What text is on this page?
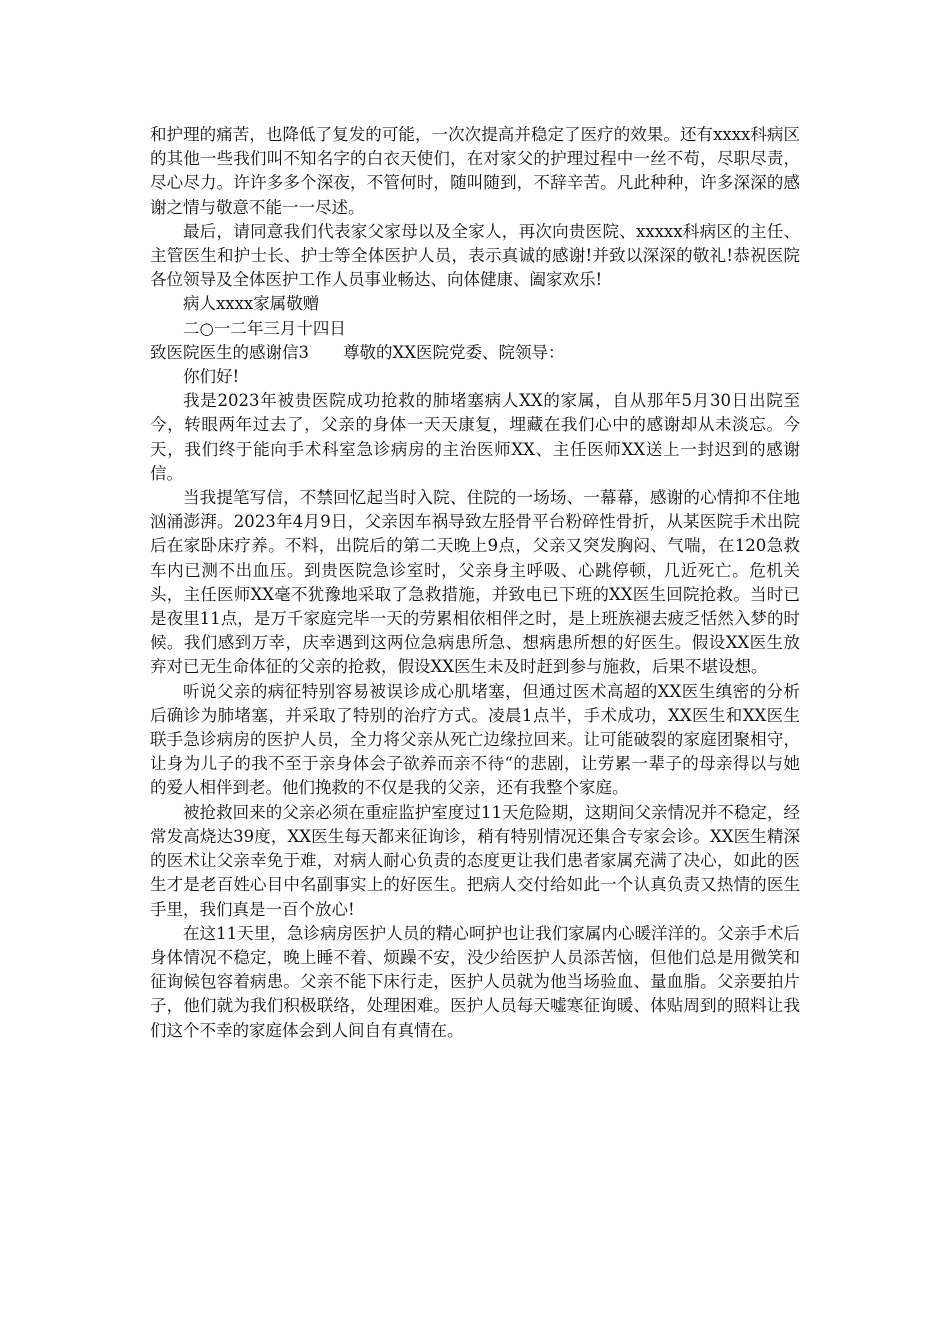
和护理的痛苦，也降低了复发的可能，一次次提高并稳定了医疗的效果。还有xxxx科病区的其他一些我们叫不知名字的白衣天使们，在对家父的护理过程中一丝不苟，尽职尽责，尽心尽力。许许多多个深夜，不管何时，随叫随到，不辞辛苦。凡此种种，许多深深的感谢之情与敬意不能一一尽述。

最后，请同意我们代表家父家母以及全家人，再次向贵医院、xxxxx科病区的主任、主管医生和护士长、护士等全体医护人员，表示真诚的感谢!并致以深深的敬礼!恭祝医院各位领导及全体医护工作人员事业畅达、向体健康、阖家欢乐!

病人xxxx家属敬赠

二○一二年三月十四日

致医院医生的感谢信3 尊敬的XX医院党委、院领导：

你们好!

我是2023年被贵医院成功抢救的肺堵塞病人XX的家属，自从那年5月30日出院至今，转眼两年过去了，父亲的身体一天天康复，埋藏在我们心中的感谢却从未淡忘。今天，我们终于能向手术科室急诊病房的主治医师XX、主任医师XX送上一封迟到的感谢信。

当我提笔写信，不禁回忆起当时入院、住院的一场场、一幕幕，感谢的心情抑不住地汹涌澎湃。2023年4月9日，父亲因车祸导致左胫骨平台粉碎性骨折，从某医院手术出院后在家卧床疗养。不料，出院后的第二天晚上9点，父亲又突发胸闷、气喘，在120急救车内已测不出血压。到贵医院急诊室时，父亲身主呼吸、心跳停顿，几近死亡。危机关头，主任医师XX毫不犹豫地采取了急救措施，并致电已下班的XX医生回院抢救。当时已是夜里11点，是万千家庭完毕一天的劳累相依相伴之时，是上班族褪去疲乏恬然入梦的时候。我们感到万幸，庆幸遇到这两位急病患所急、想病患所想的好医生。假设XX医生放弃对已无生命体征的父亲的抢救，假设XX医生未及时赶到参与施救，后果不堪设想。

听说父亲的病征特别容易被误诊成心肌堵塞，但通过医术高超的XX医生缜密的分析后确诊为肺堵塞，并采取了特别的治疗方式。凌晨1点半，手术成功，XX医生和XX医生联手急诊病房的医护人员，全力将父亲从死亡边缘拉回来。让可能破裂的家庭团聚相守，让身为儿子的我不至于亲身体会子欲养而亲不待“的悲剧，让劳累一辈子的母亲得以与她的爱人相伴到老。他们挽救的不仅是我的父亲，还有我整个家庭。

被抢救回来的父亲必须在重症监护室度过11天危险期，这期间父亲情况并不稳定，经常发高烧达39度，XX医生每天都来征询诊，稍有特别情况还集合专家会诊。XX医生精深的医术让父亲幸免于难，对病人耐心负责的态度更让我们患者家属充满了决心，如此的医生才是老百姓心目中名副事实上的好医生。把病人交付给如此一个认真负责又热情的医生手里，我们真是一百个放心!

在这11天里，急诊病房医护人员的精心呵护也让我们家属内心暖洋洋的。父亲手术后身体情况不稳定，晚上睡不着、烦躁不安，没少给医护人员添苦恼，但他们总是用微笑和征询候包容着病患。父亲不能下床行走，医护人员就为他当场验血、量血脂。父亲要拍片子，他们就为我们积极联络，处理困难。医护人员每天嘘寒征询暖、体贴周到的照料让我们这个不幸的家庭体会到人间自有真情在。
